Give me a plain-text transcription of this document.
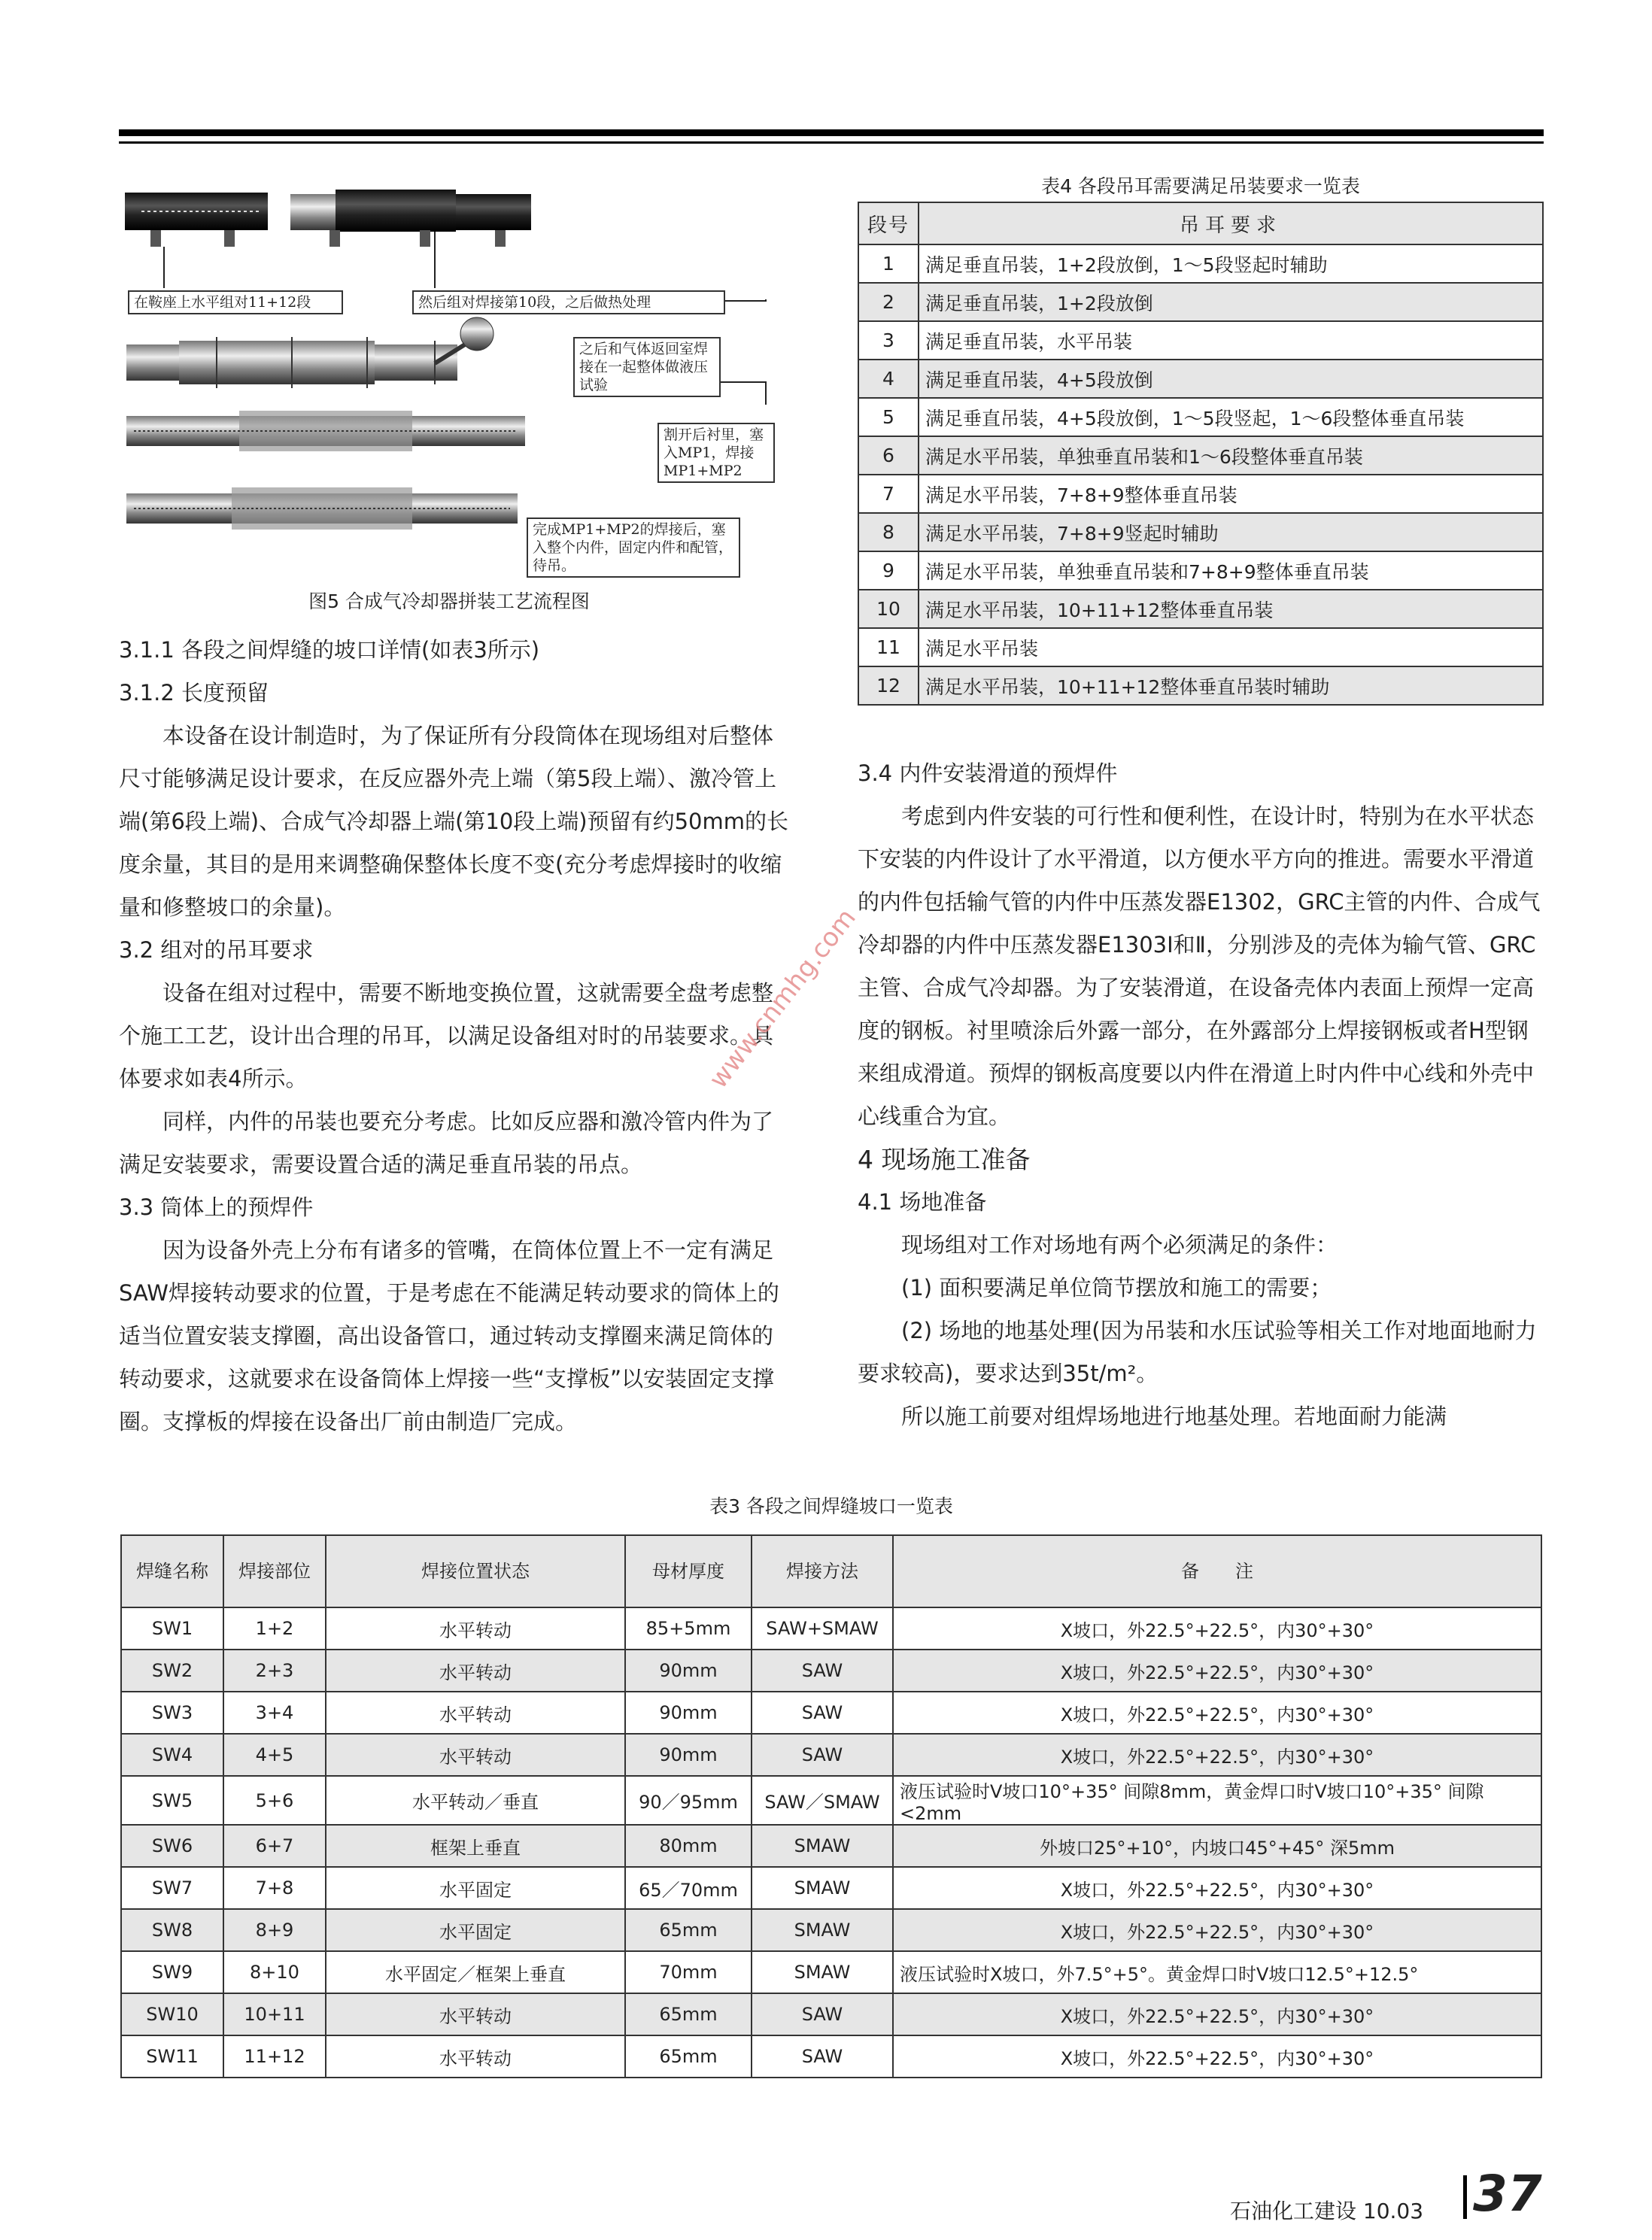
在鞍座上水平组对11+12段	然后组对焊接第10段，之后做热处理
之后和气体返回室焊接在一起整体做液压试验
割开后衬里，塞入MP1，焊接MP1+MP2
完成MP1+MP2的焊接后，塞入整个内件，固定内件和配管，待吊。
图5 合成气冷却器拼装工艺流程图

3.1.1 各段之间焊缝的坡口详情(如表3所示)

3.1.2 长度预留

本设备在设计制造时，为了保证所有分段筒体在现场组对后整体尺寸能够满足设计要求，在反应器外壳上端（第5段上端）、激冷管上端(第6段上端)、合成气冷却器上端(第10段上端)预留有约50mm的长度余量，其目的是用来调整确保整体长度不变(充分考虑焊接时的收缩量和修整坡口的余量)。

3.2 组对的吊耳要求

设备在组对过程中，需要不断地变换位置，这就需要全盘考虑整个施工工艺，设计出合理的吊耳，以满足设备组对时的吊装要求。具体要求如表4所示。

同样，内件的吊装也要充分考虑。比如反应器和激冷管内件为了满足安装要求，需要设置合适的满足垂直吊装的吊点。

3.3 筒体上的预焊件

因为设备外壳上分布有诸多的管嘴，在筒体位置上不一定有满足SAW焊接转动要求的位置，于是考虑在不能满足转动要求的筒体上的适当位置安装支撑圈，高出设备管口，通过转动支撑圈来满足筒体的转动要求，这就要求在设备筒体上焊接一些“支撑板”以安装固定支撑圈。支撑板的焊接在设备出厂前由制造厂完成。

表4 各段吊耳需要满足吊装要求一览表
段号	吊耳要求
1	满足垂直吊装，1+2段放倒，1～5段竖起时辅助
2	满足垂直吊装，1+2段放倒
3	满足垂直吊装，水平吊装
4	满足垂直吊装，4+5段放倒
5	满足垂直吊装，4+5段放倒，1～5段竖起，1～6段整体垂直吊装
6	满足水平吊装，单独垂直吊装和1～6段整体垂直吊装
7	满足水平吊装，7+8+9整体垂直吊装
8	满足水平吊装，7+8+9竖起时辅助
9	满足水平吊装，单独垂直吊装和7+8+9整体垂直吊装
10	满足水平吊装，10+11+12整体垂直吊装
11	满足水平吊装
12	满足水平吊装，10+11+12整体垂直吊装时辅助

3.4 内件安装滑道的预焊件

考虑到内件安装的可行性和便利性，在设计时，特别为在水平状态下安装的内件设计了水平滑道，以方便水平方向的推进。需要水平滑道的内件包括输气管的内件中压蒸发器E1302，GRC主管的内件、合成气冷却器的内件中压蒸发器E1303Ⅰ和Ⅱ，分别涉及的壳体为输气管、GRC主管、合成气冷却器。为了安装滑道，在设备壳体内表面上预焊一定高度的钢板。衬里喷涂后外露一部分，在外露部分上焊接钢板或者H型钢来组成滑道。预焊的钢板高度要以内件在滑道上时内件中心线和外壳中心线重合为宜。

4 现场施工准备

4.1 场地准备

现场组对工作对场地有两个必须满足的条件：

(1) 面积要满足单位筒节摆放和施工的需要；

(2) 场地的地基处理(因为吊装和水压试验等相关工作对地面地耐力要求较高)，要求达到35t/m²。

所以施工前要对组焊场地进行地基处理。若地面耐力能满

www.cnmhg.com
表3 各段之间焊缝坡口一览表
焊缝名称	焊接部位	焊接位置状态	母材厚度	焊接方法	备　　注
SW1	1+2	水平转动	85+5mm	SAW+SMAW	X坡口，外22.5°+22.5°，内30°+30°
SW2	2+3	水平转动	90mm	SAW	X坡口，外22.5°+22.5°，内30°+30°
SW3	3+4	水平转动	90mm	SAW	X坡口，外22.5°+22.5°，内30°+30°
SW4	4+5	水平转动	90mm	SAW	X坡口，外22.5°+22.5°，内30°+30°
SW5	5+6	水平转动／垂直	90／95mm	SAW／SMAW	液压试验时V坡口10°+35° 间隙8mm，黄金焊口时V坡口10°+35° 间隙<2mm
SW6	6+7	框架上垂直	80mm	SMAW	外坡口25°+10°，内坡口45°+45° 深5mm
SW7	7+8	水平固定	65／70mm	SMAW	X坡口，外22.5°+22.5°，内30°+30°
SW8	8+9	水平固定	65mm	SMAW	X坡口，外22.5°+22.5°，内30°+30°
SW9	8+10	水平固定／框架上垂直	70mm	SMAW	液压试验时X坡口，外7.5°+5°。黄金焊口时V坡口12.5°+12.5°
SW10	10+11	水平转动	65mm	SAW	X坡口，外22.5°+22.5°，内30°+30°
SW11	11+12	水平转动	65mm	SAW	X坡口，外22.5°+22.5°，内30°+30°
石油化工建设 10.03 37
